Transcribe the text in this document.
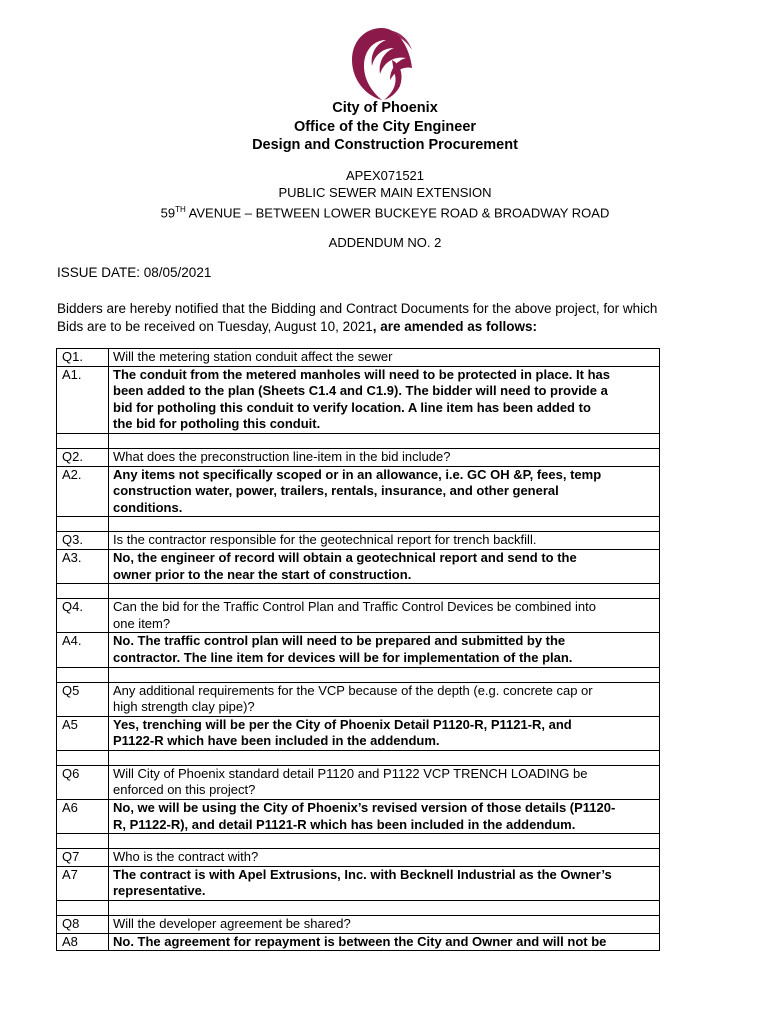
City of Phoenix
Office of the City Engineer
Design and Construction Procurement
APEX071521
PUBLIC SEWER MAIN EXTENSION
59TH AVENUE – BETWEEN LOWER BUCKEYE ROAD & BROADWAY ROAD
ADDENDUM NO. 2
ISSUE DATE: 08/05/2021
Bidders are hereby notified that the Bidding and Contract Documents for the above project, for which
Bids are to be received on Tuesday, August 10, 2021, are amended as follows:
Q1.	Will the metering station conduit affect the sewer

A1.	The conduit from the metered manholes will need to be protected in place. It has
been added to the plan (Sheets C1.4 and C1.9). The bidder will need to provide a
bid for potholing this conduit to verify location. A line item has been added to
the bid for potholing this conduit.

Q2.	What does the preconstruction line-item in the bid include?

A2.	Any items not specifically scoped or in an allowance, i.e. GC OH &P, fees, temp
construction water, power, trailers, rentals, insurance, and other general
conditions.

Q3.	Is the contractor responsible for the geotechnical report for trench backfill.

A3.	No, the engineer of record will obtain a geotechnical report and send to the
owner prior to the near the start of construction.

Q4.	Can the bid for the Traffic Control Plan and Traffic Control Devices be combined into
one item?

A4.	No. The traffic control plan will need to be prepared and submitted by the
contractor. The line item for devices will be for implementation of the plan.

Q5	Any additional requirements for the VCP because of the depth (e.g. concrete cap or
high strength clay pipe)?

A5	Yes, trenching will be per the City of Phoenix Detail P1120-R, P1121-R, and
P1122-R which have been included in the addendum.

Q6	Will City of Phoenix standard detail P1120 and P1122 VCP TRENCH LOADING be
enforced on this project?

A6	No, we will be using the City of Phoenix’s revised version of those details (P1120-
R, P1122-R), and detail P1121-R which has been included in the addendum.

Q7	Who is the contract with?

A7	The contract is with Apel Extrusions, Inc. with Becknell Industrial as the Owner’s
representative.

Q8	Will the developer agreement be shared?

A8	No. The agreement for repayment is between the City and Owner and will not be
